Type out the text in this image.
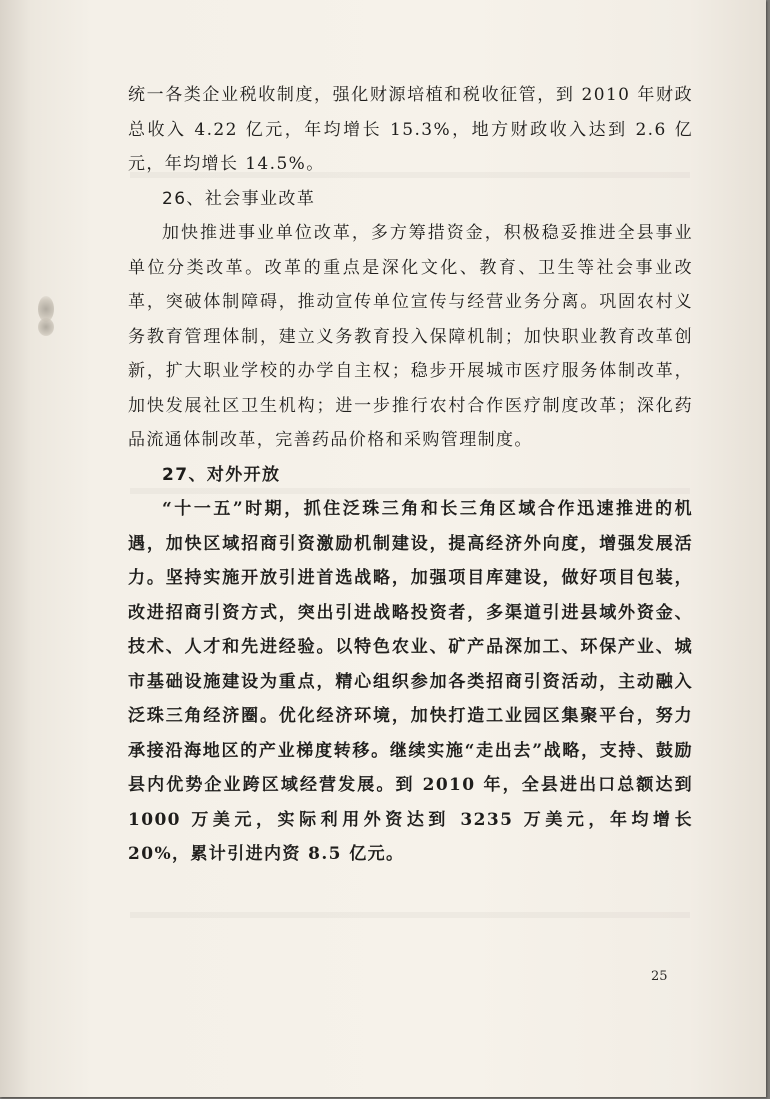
统一各类企业税收制度，强化财源培植和税收征管，到 2010 年财政总收入 4.22 亿元，年均增长 15.3%，地方财政收入达到 2.6 亿元，年均增长 14.5%。

26、社会事业改革

加快推进事业单位改革，多方筹措资金，积极稳妥推进全县事业单位分类改革。改革的重点是深化文化、教育、卫生等社会事业改革，突破体制障碍，推动宣传单位宣传与经营业务分离。巩固农村义务教育管理体制，建立义务教育投入保障机制；加快职业教育改革创新，扩大职业学校的办学自主权；稳步开展城市医疗服务体制改革，加快发展社区卫生机构；进一步推行农村合作医疗制度改革；深化药品流通体制改革，完善药品价格和采购管理制度。

27、对外开放

“十一五”时期，抓住泛珠三角和长三角区域合作迅速推进的机遇，加快区域招商引资激励机制建设，提高经济外向度，增强发展活力。坚持实施开放引进首选战略，加强项目库建设，做好项目包装，改进招商引资方式，突出引进战略投资者，多渠道引进县域外资金、技术、人才和先进经验。以特色农业、矿产品深加工、环保产业、城市基础设施建设为重点，精心组织参加各类招商引资活动，主动融入泛珠三角经济圈。优化经济环境，加快打造工业园区集聚平台，努力承接沿海地区的产业梯度转移。继续实施“走出去”战略，支持、鼓励县内优势企业跨区域经营发展。到 2010 年，全县进出口总额达到 1000 万美元，实际利用外资达到 3235 万美元，年均增长 20%，累计引进内资 8.5 亿元。

25
